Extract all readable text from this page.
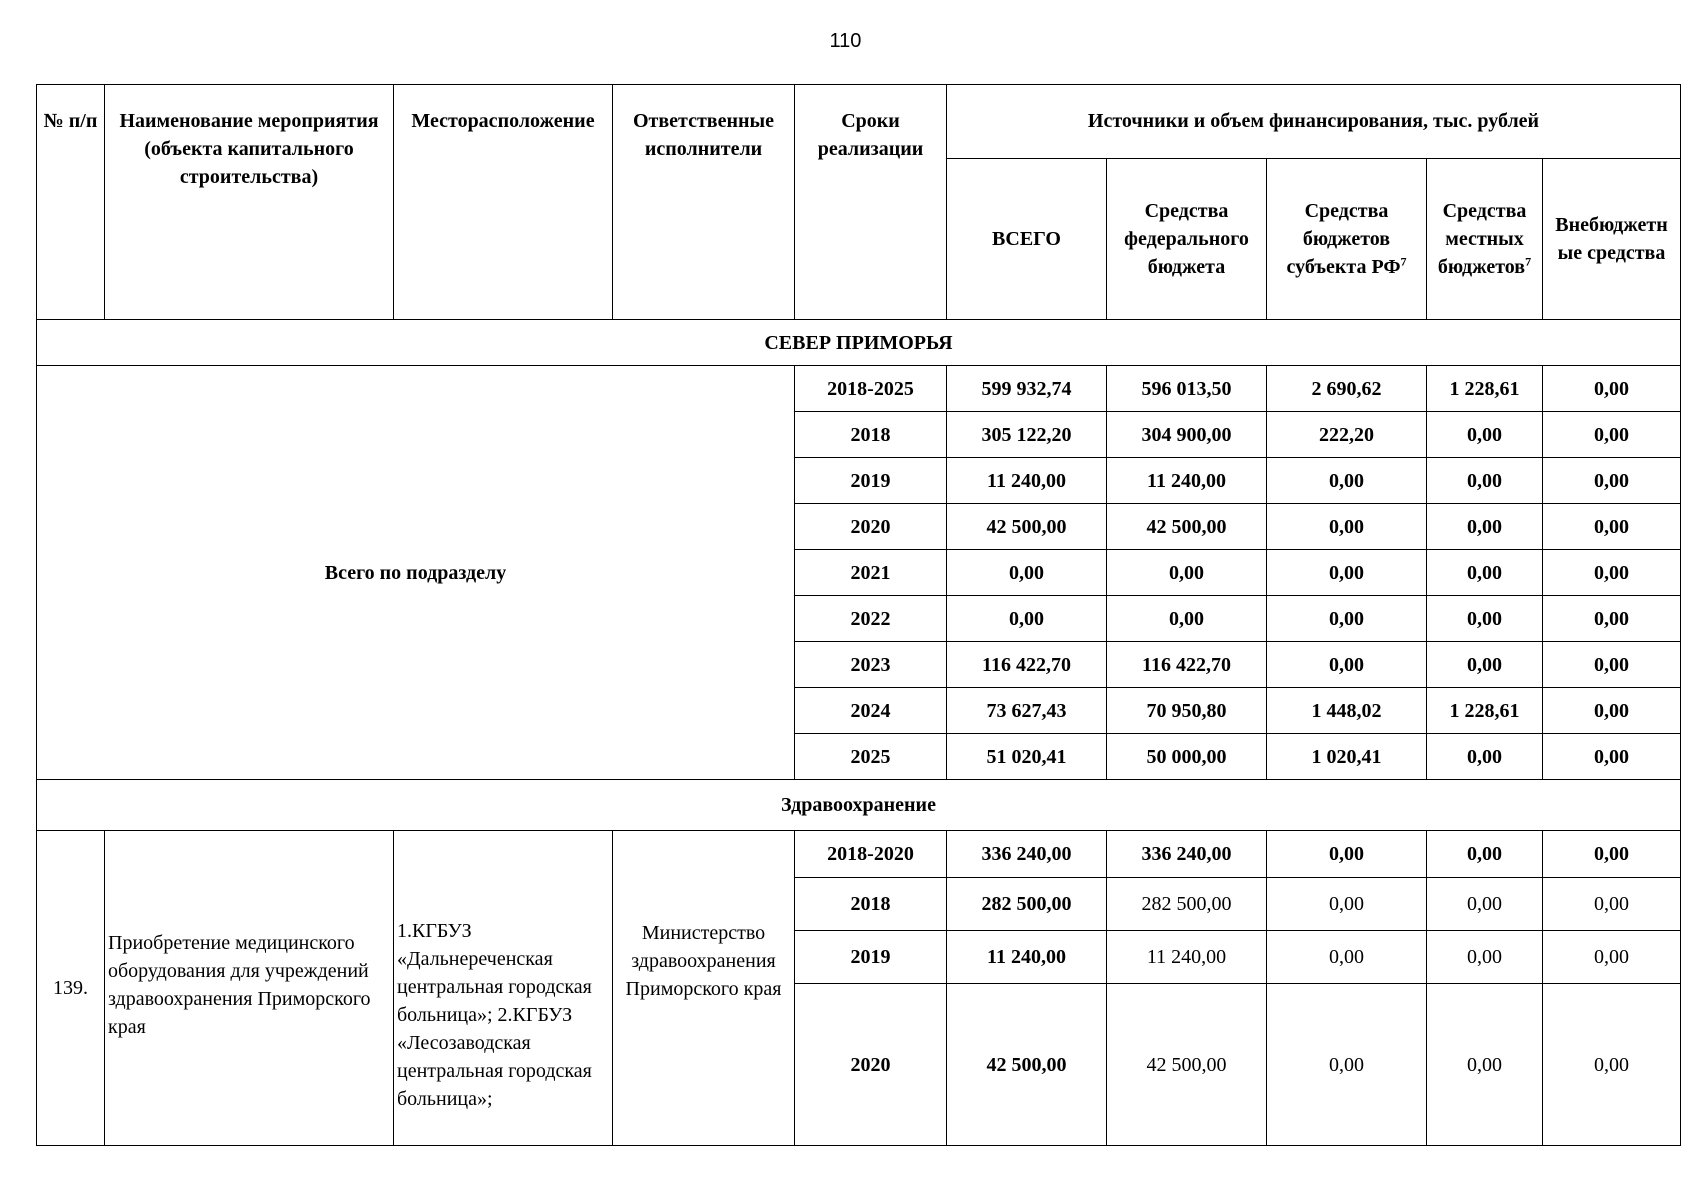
110
№ п/п	Наименование мероприятия (объекта капитального строительства)	Месторасположение	Ответственные исполнители	Сроки реализации	Источники и объем финансирования, тыс. рублей				
					ВСЕГО	Средства федерального бюджета	Средства бюджетов субъекта $РФ^7$	Средства местных бюджетов$^7$	Внебюджетн ые средства
СЕВЕР ПРИМОРЬЯ									
Всего по подразделу				2018-2025	599 932,74	596 013,50	2 690,62	1 228,61	0,00
				2018	305 122,20	304 900,00	222,20	0,00	0,00
				2019	11 240,00	11 240,00	0,00	0,00	0,00
				2020	42 500,00	42 500,00	0,00	0,00	0,00
				2021	0,00	0,00	0,00	0,00	0,00
				2022	0,00	0,00	0,00	0,00	0,00
				2023	116 422,70	116 422,70	0,00	0,00	0,00
				2024	73 627,43	70 950,80	1 448,02	1 228,61	0,00
				2025	51 020,41	50 000,00	1 020,41	0,00	0,00
Здравоохранение									
139.	Приобретение медицинского оборудования для учреждений здравоохранения Приморского края	1.КГБУЗ «Дальнереченская центральная городская больница»; 2.КГБУЗ «Лесозаводская центральная городская больница»;	Министерство здравоохранения Приморского края	2018-2020	336 240,00	336 240,00	0,00	0,00	0,00
				2018	282 500,00	282 500,00	0,00	0,00	0,00
				2019	11 240,00	11 240,00	0,00	0,00	0,00
				2020	42 500,00	42 500,00	0,00	0,00	0,00
